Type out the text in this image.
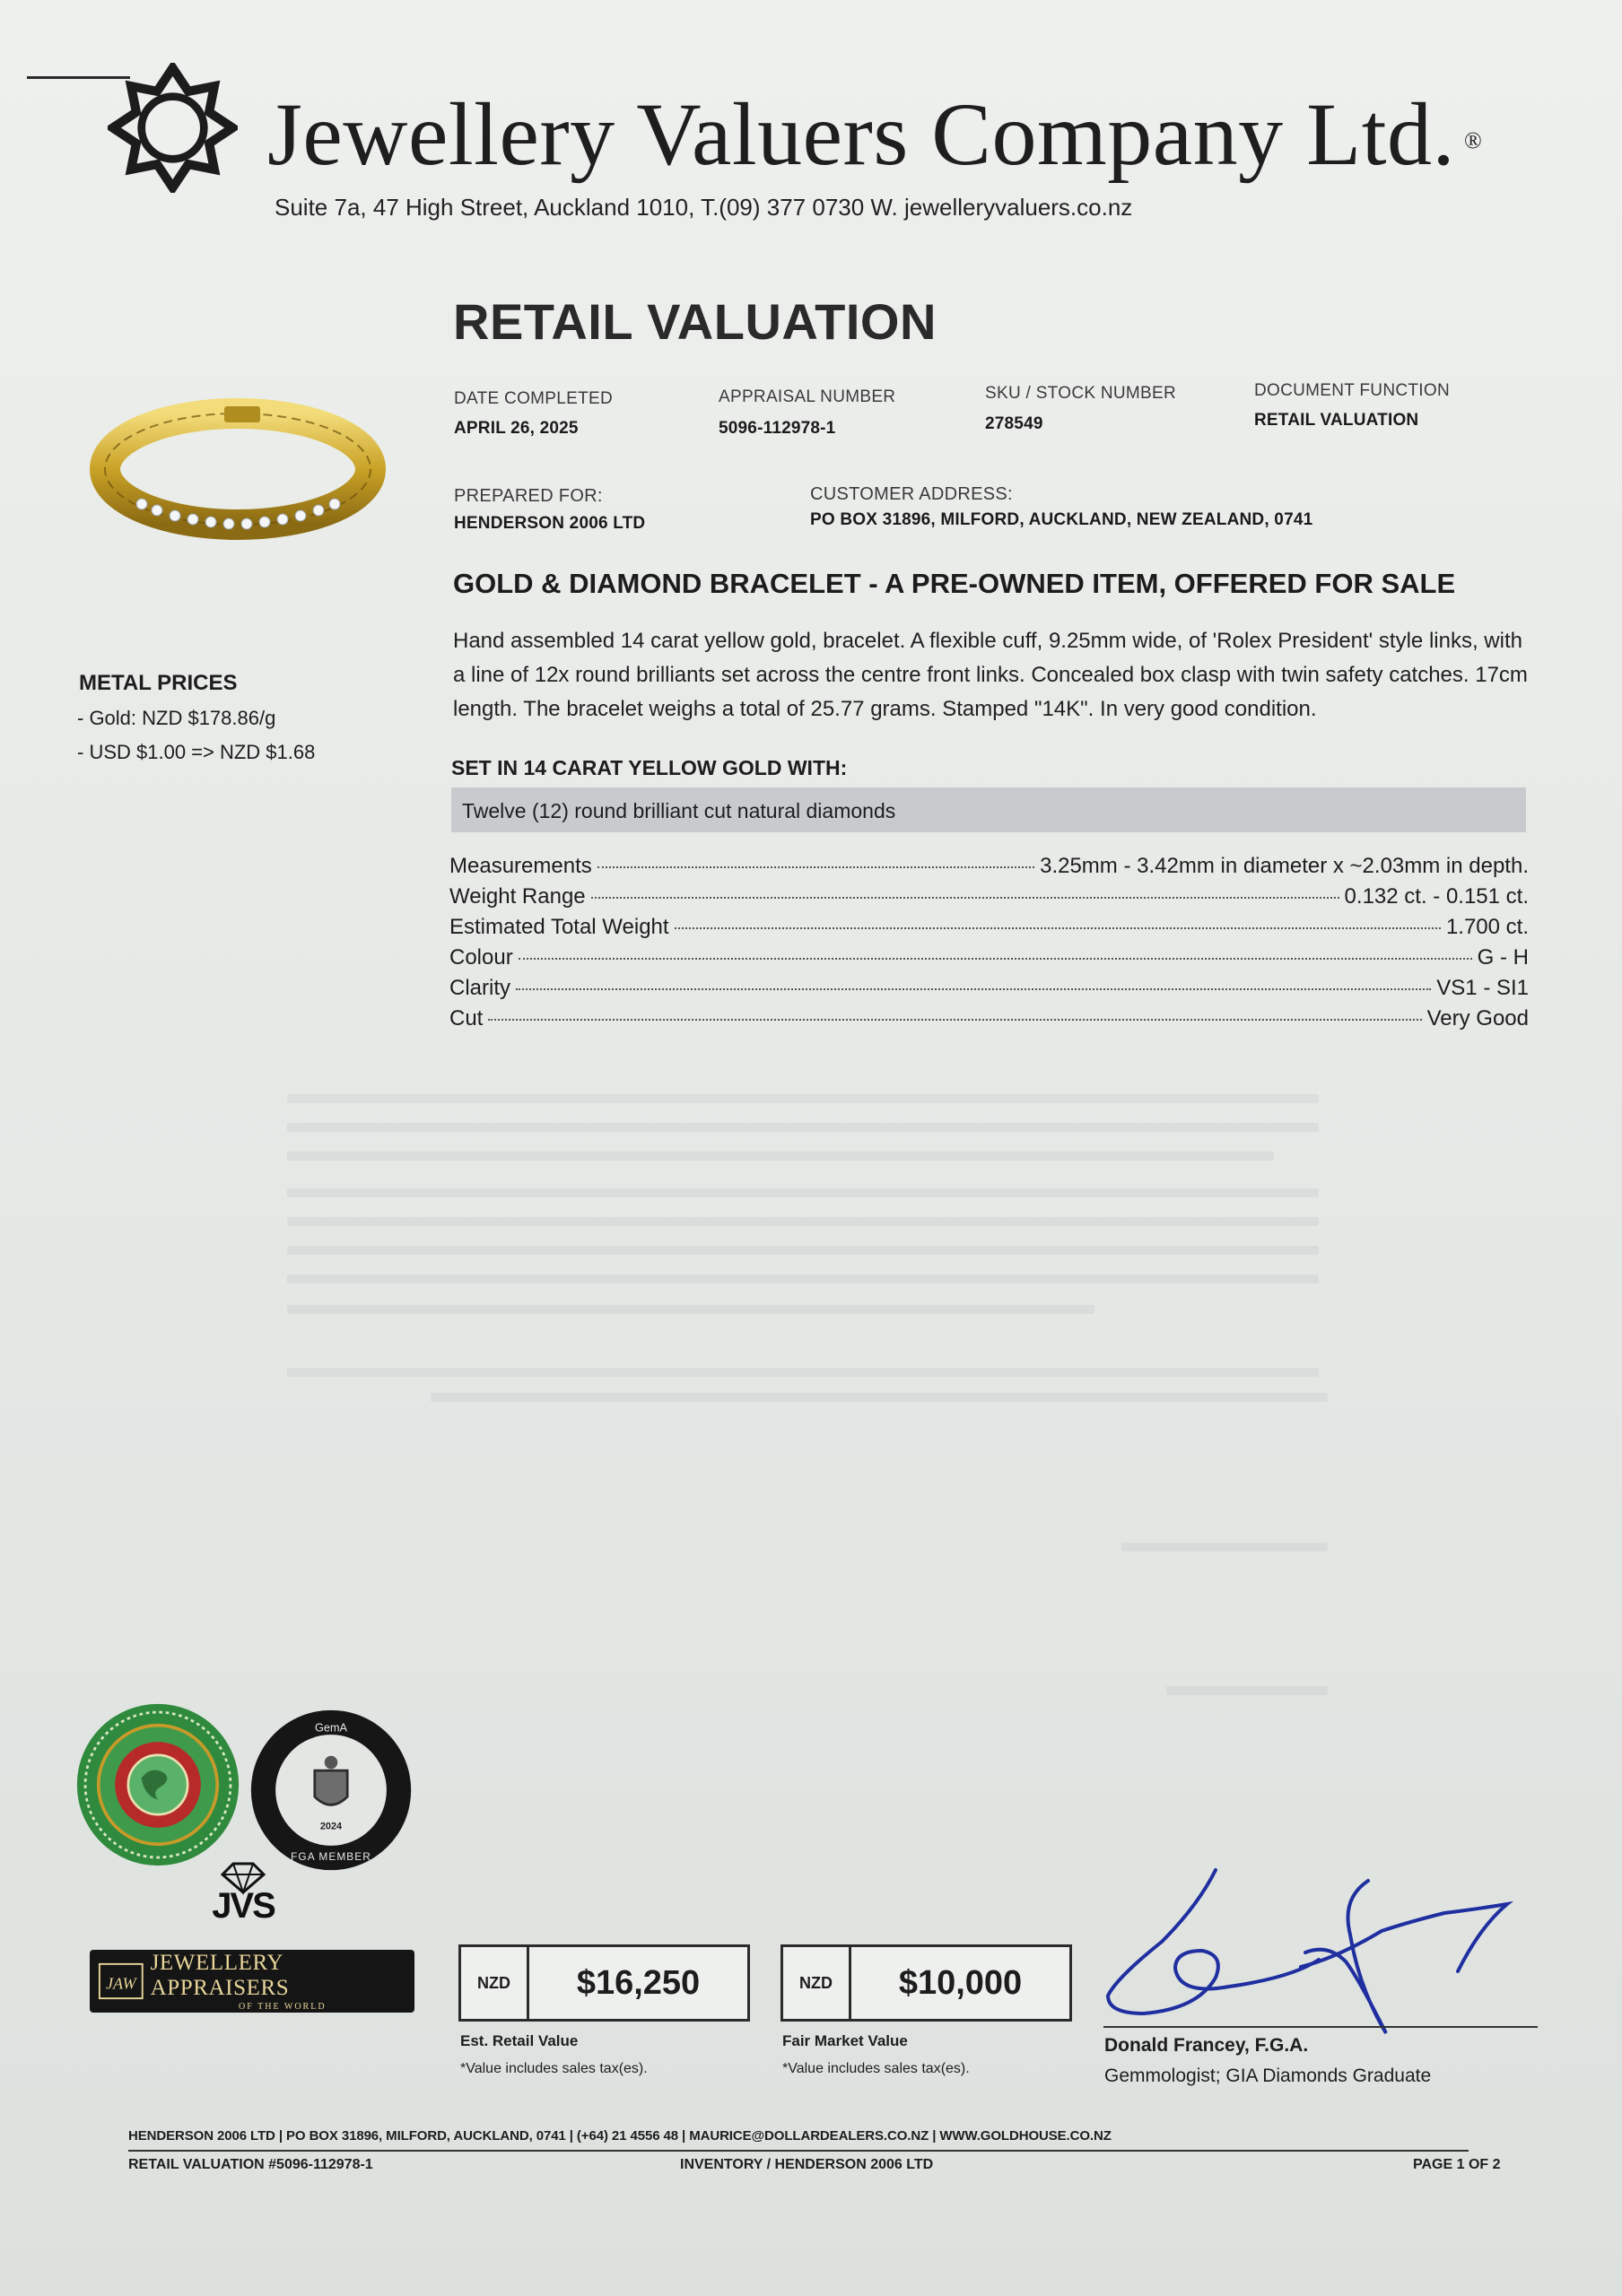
Jewellery Valuers Company Ltd. ®
Suite 7a, 47 High Street, Auckland 1010, T.(09) 377 0730 W. jewelleryvaluers.co.nz
METAL PRICES
- Gold: NZD $178.86/g
- USD $1.00 => NZD $1.68
RETAIL VALUATION
DATE COMPLETED
APRIL 26, 2025
APPRAISAL NUMBER
5096-112978-1
SKU / STOCK NUMBER
278549
DOCUMENT FUNCTION
RETAIL VALUATION
PREPARED FOR:
HENDERSON 2006 LTD
CUSTOMER ADDRESS:
PO BOX 31896, MILFORD, AUCKLAND, NEW ZEALAND, 0741
GOLD & DIAMOND BRACELET - A PRE-OWNED ITEM, OFFERED FOR SALE
Hand assembled 14 carat yellow gold, bracelet. A flexible cuff, 9.25mm wide, of 'Rolex President' style links, with a line of 12x round brilliants set across the centre front links. Concealed box clasp with twin safety catches. 17cm length. The bracelet weighs a total of 25.77 grams. Stamped "14K". In very good condition.
SET IN 14 CARAT YELLOW GOLD WITH:
Twelve (12) round brilliant cut natural diamonds
Measurements	3.25mm - 3.42mm in diameter x ~2.03mm in depth.
Weight Range	0.132 ct. - 0.151 ct.
Estimated Total Weight	1.700 ct.
Colour	G - H
Clarity	VS1 - SI1
Cut	Very Good
GemA
2024
FGA MEMBER
JVS
JAW
JEWELLERY APPRAISERS
OF THE WORLD
NZD	$16,250
Est. Retail Value
*Value includes sales tax(es).
NZD	$10,000
Fair Market Value
*Value includes sales tax(es).
Donald Francey, F.G.A.
Gemmologist; GIA Diamonds Graduate
HENDERSON 2006 LTD | PO BOX 31896, MILFORD, AUCKLAND, 0741 | (+64) 21 4556 48 | MAURICE@DOLLARDEALERS.CO.NZ | WWW.GOLDHOUSE.CO.NZ
RETAIL VALUATION #5096-112978-1	INVENTORY / HENDERSON 2006 LTD	PAGE 1 OF 2
